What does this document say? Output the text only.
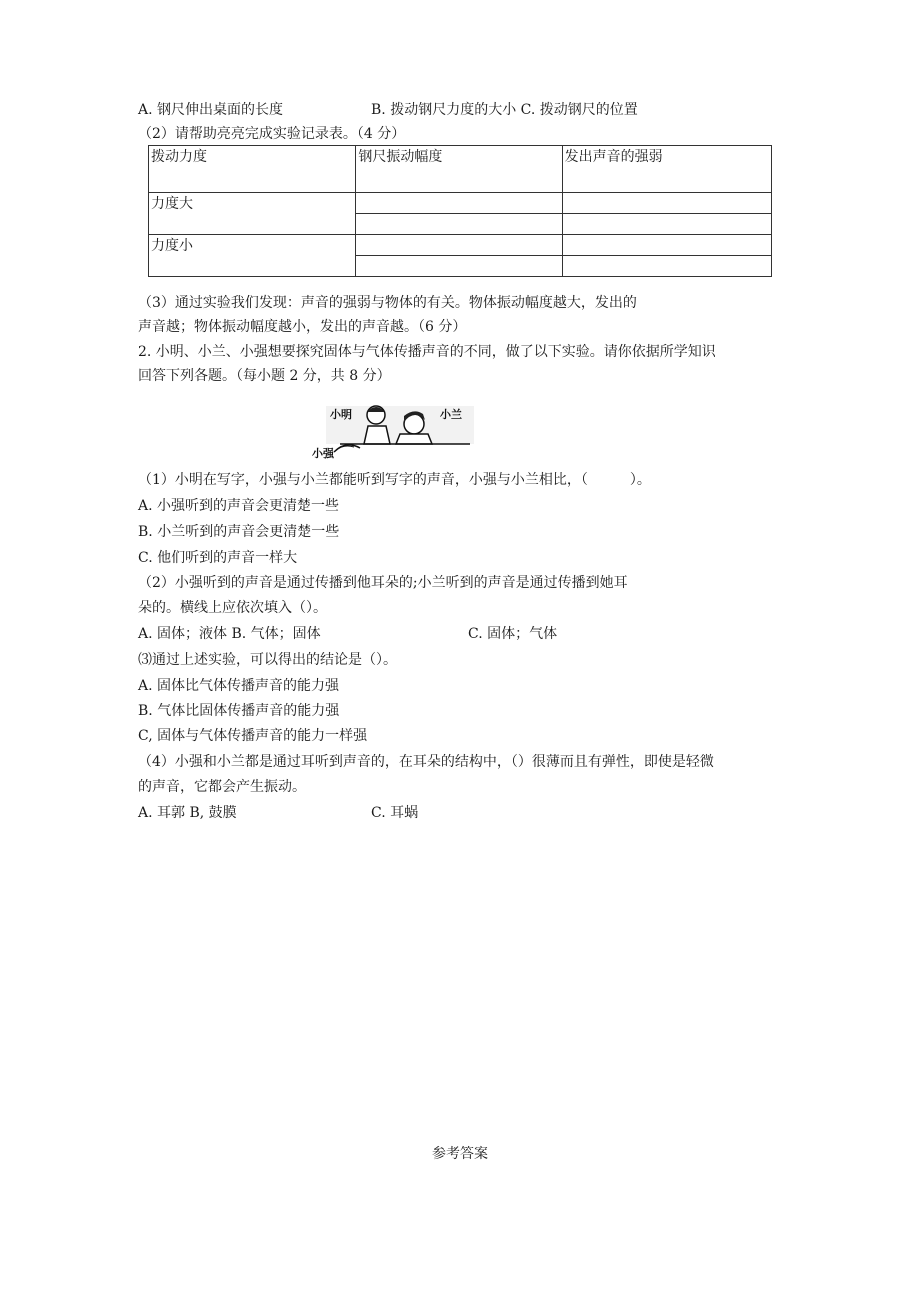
A. 钢尺伸出桌面的长度	B. 拨动钢尺力度的大小 C. 拨动钢尺的位置
（2）请帮助亮亮完成实验记录表。（4 分）
拨动力度	钢尺振动幅度	发出声音的强弱
力度大		

力度小		

（3）通过实验我们发现：声音的强弱与物体的有关。物体振动幅度越大，发出的
声音越；物体振动幅度越小，发出的声音越。（6 分）
2. 小明、小兰、小强想要探究固体与气体传播声音的不同，做了以下实验。请你依据所学知识
回答下列各题。（每小题 2 分，共 8 分）
小明	小兰
小强
（1）小明在写字，小强与小兰都能听到写字的声音，小强与小兰相比，（　　　）。
A. 小强听到的声音会更清楚一些
B. 小兰听到的声音会更清楚一些
C. 他们听到的声音一样大
（2）小强听到的声音是通过传播到他耳朵的;小兰听到的声音是通过传播到她耳
朵的。横线上应依次填入（）。
A. 固体；液体 B. 气体；固体	C. 固体；气体
⑶通过上述实验，可以得出的结论是（）。
A. 固体比气体传播声音的能力强
B. 气体比固体传播声音的能力强
C, 固体与气体传播声音的能力一样强
（4）小强和小兰都是通过耳听到声音的，在耳朵的结构中，（）很薄而且有弹性，即使是轻微
的声音，它都会产生振动。
A. 耳郭 B, 鼓膜	C. 耳蜗
参考答案
